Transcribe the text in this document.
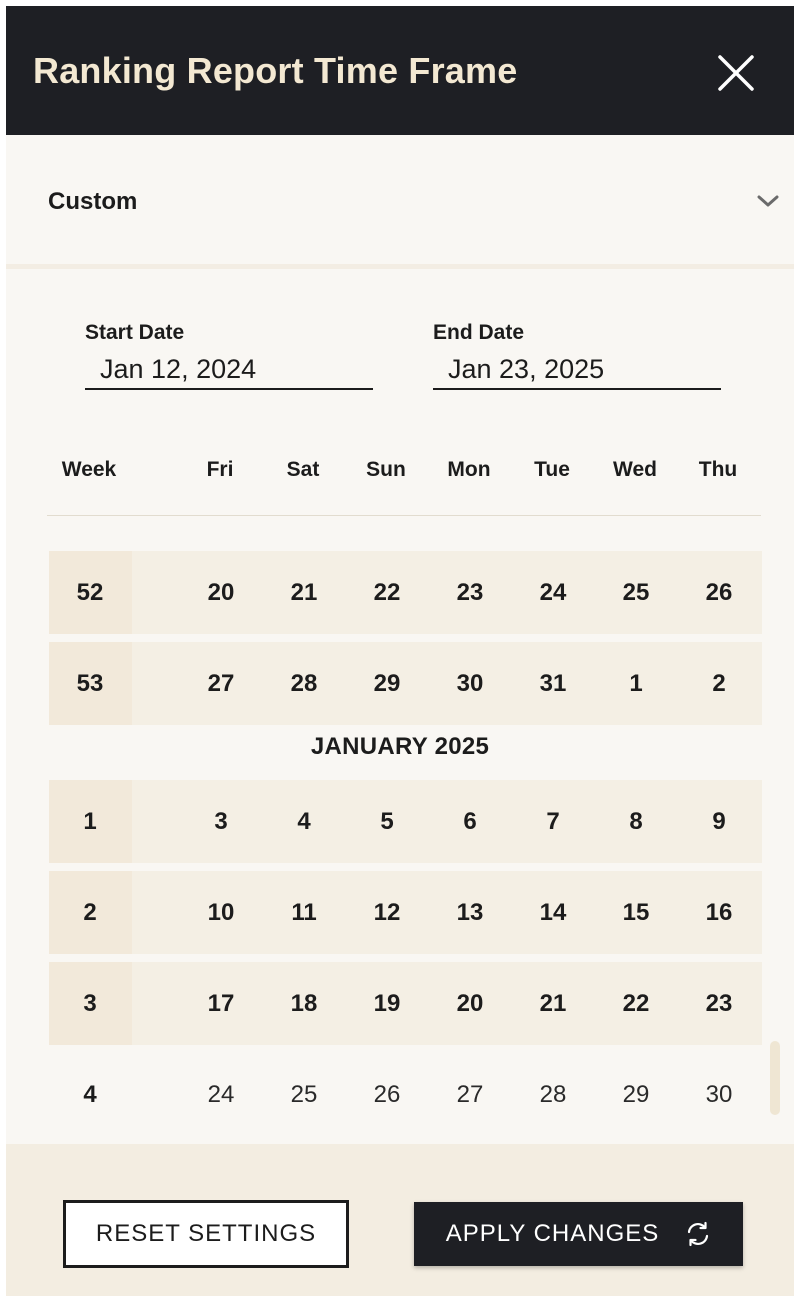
Ranking Report Time Frame
Custom
Start Date
Jan 12, 2024	End Date
Jan 23, 2025
Week	Fri	Sat	Sun	Mon	Tue	Wed	Thu
52	20	21	22	23	24	25	26
53	27	28	29	30	31	1	2
JANUARY 2025
1	3	4	5	6	7	8	9
2	10	11	12	13	14	15	16
3	17	18	19	20	21	22	23
4	24	25	26	27	28	29	30
RESET SETTINGS	APPLY CHANGES
